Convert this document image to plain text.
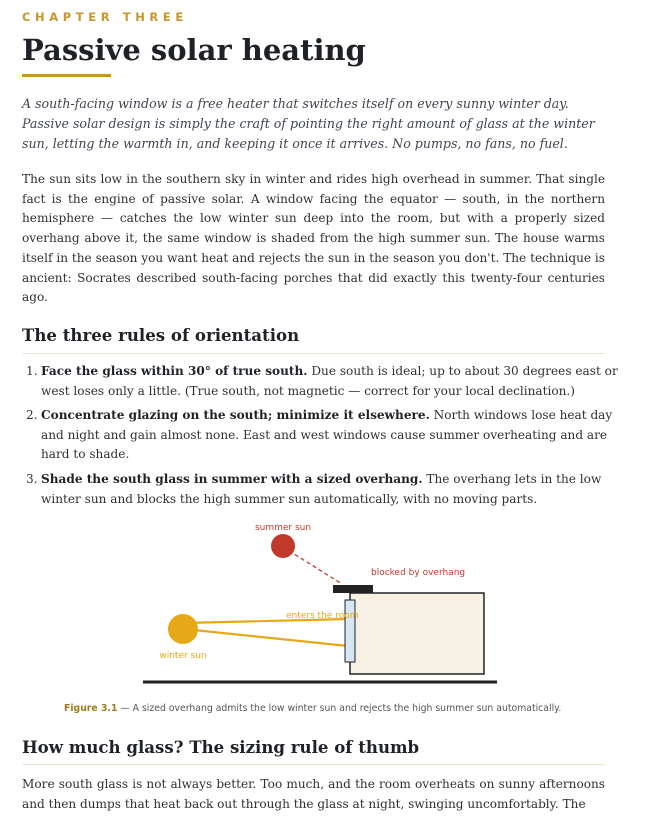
CHAPTER THREE
Passive solar heating

A south-facing window is a free heater that switches itself on every sunny winter day. Passive solar design is simply the craft of pointing the right amount of glass at the winter sun, letting the warmth in, and keeping it once it arrives. No pumps, no fans, no fuel.

The sun sits low in the southern sky in winter and rides high overhead in summer. That single fact is the engine of passive solar. A window facing the equator — south, in the northern hemisphere — catches the low winter sun deep into the room, but with a properly sized overhang above it, the same window is shaded from the high summer sun. The house warms itself in the season you want heat and rejects the sun in the season you don't. The technique is ancient: Socrates described south-facing porches that did exactly this twenty-four centuries ago.

The three rules of orientation
1. Face the glass within 30° of true south. Due south is ideal; up to about 30 degrees east or west loses only a little. (True south, not magnetic — correct for your local declination.)
2. Concentrate glazing on the south; minimize it elsewhere. North windows lose heat day and night and gain almost none. East and west windows cause summer overheating and are hard to shade.
3. Shade the south glass in summer with a sized overhang. The overhang lets in the low winter sun and blocks the high summer sun automatically, with no moving parts.
summer sun
blocked by overhang
enters the room
winter sun
Figure 3.1 — A sized overhang admits the low winter sun and rejects the high summer sun automatically.
How much glass? The sizing rule of thumb

More south glass is not always better. Too much, and the room overheats on sunny afternoons and then dumps that heat back out through the glass at night, swinging uncomfortably. The
